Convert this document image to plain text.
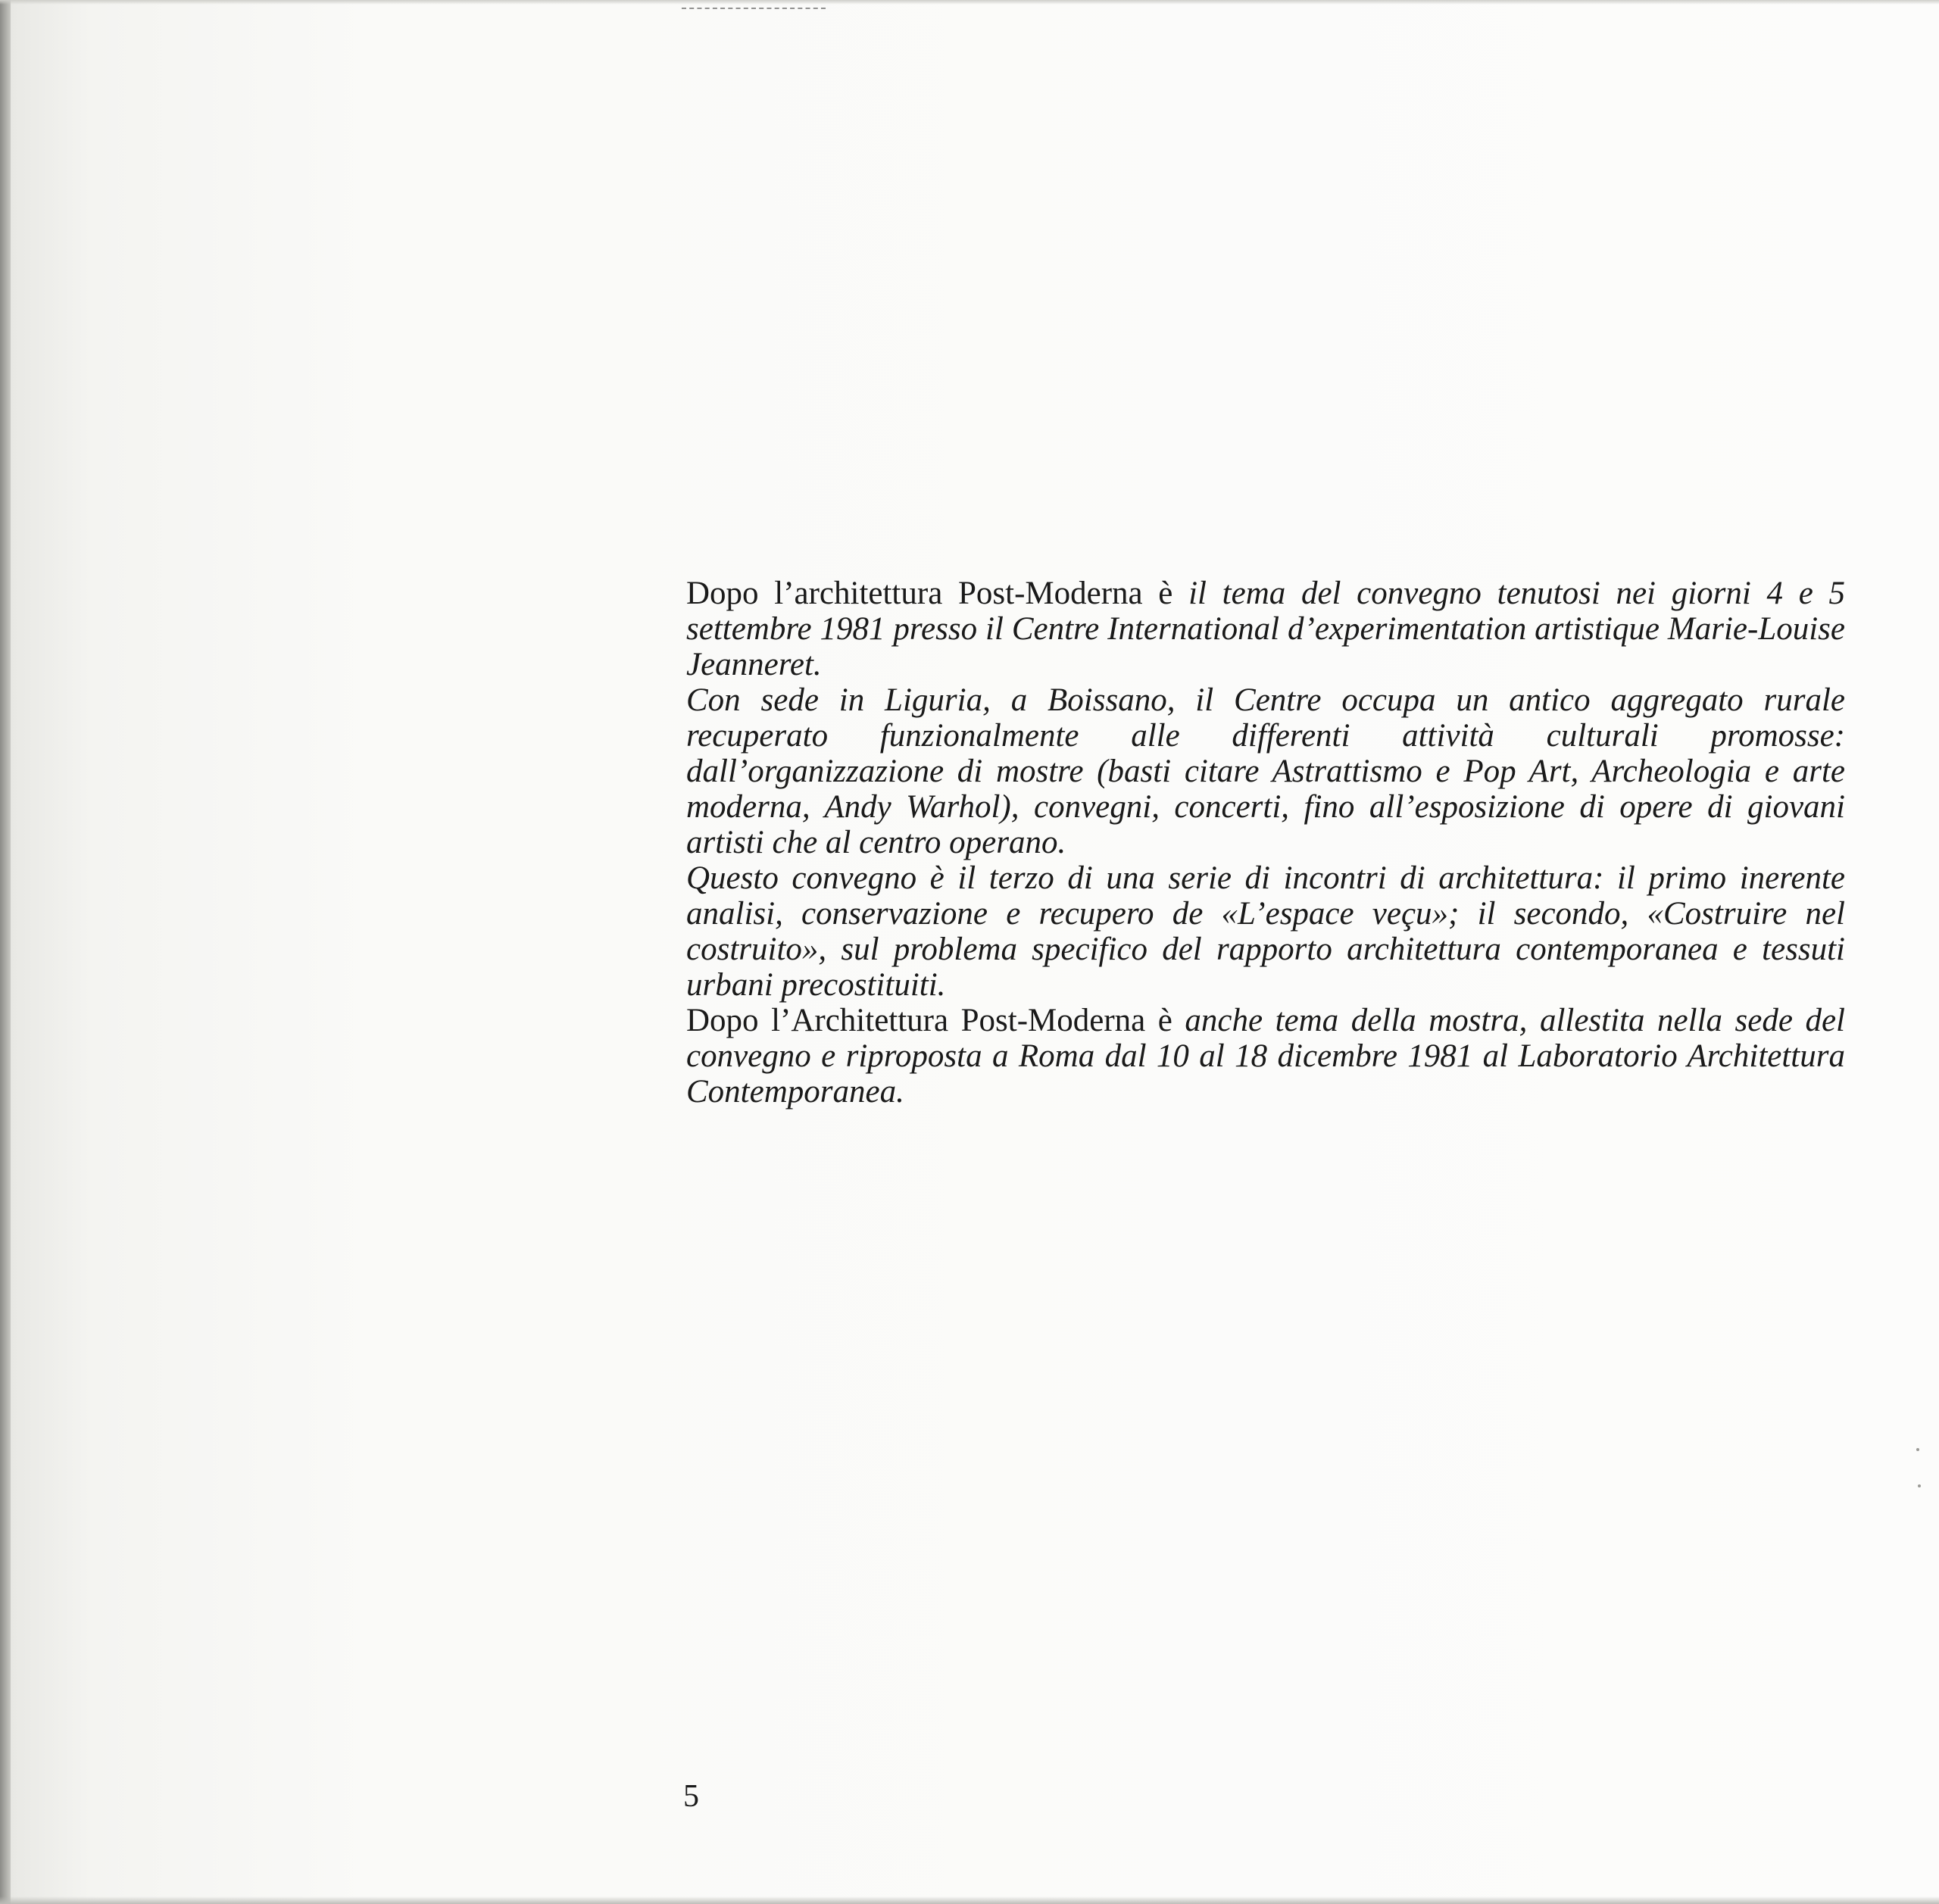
Dopo l’architettura Post-Moderna è il tema del convegno tenutosi nei giorni 4 e 5 settembre 1981 presso il Centre International d’experimentation artistique Marie-Louise Jeanneret.

Con sede in Liguria, a Boissano, il Centre occupa un antico aggregato rurale recuperato funzionalmente alle differenti attività culturali promosse: dall’organizzazione di mostre (basti citare Astrattismo e Pop Art, Archeologia e arte moderna, Andy Warhol), convegni, concerti, fino all’esposizione di opere di giovani artisti che al centro operano.

Questo convegno è il terzo di una serie di incontri di architettura: il primo inerente analisi, conservazione e recupero de «L’espace veçu»; il secondo, «Costruire nel costruito», sul problema specifico del rapporto architettura contemporanea e tessuti urbani precostituiti.

Dopo l’Architettura Post-Moderna è anche tema della mostra, allestita nella sede del convegno e riproposta a Roma dal 10 al 18 dicembre 1981 al Laboratorio Architettura Contemporanea.

5
